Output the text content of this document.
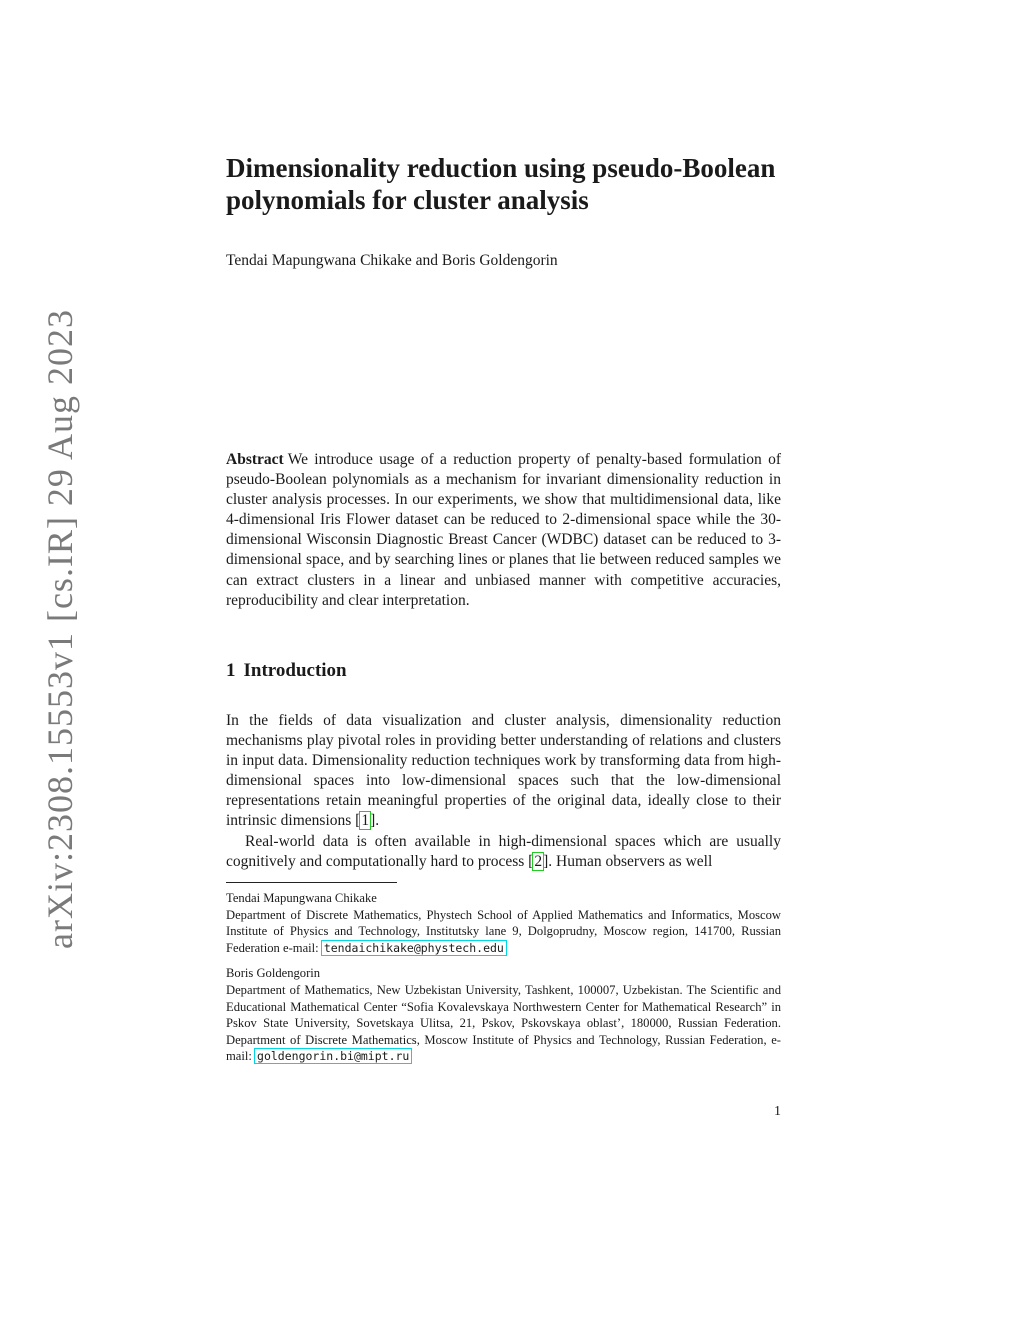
arXiv:2308.15553v1 [cs.IR] 29 Aug 2023
Dimensionality reduction using pseudo-Boolean polynomials for cluster analysis
Tendai Mapungwana Chikake and Boris Goldengorin

Abstract We introduce usage of a reduction property of penalty-based formulation of pseudo-Boolean polynomials as a mechanism for invariant dimensionality reduction in cluster analysis processes. In our experiments, we show that multidimensional data, like 4-dimensional Iris Flower dataset can be reduced to 2-dimensional space while the 30-dimensional Wisconsin Diagnostic Breast Cancer (WDBC) dataset can be reduced to 3-dimensional space, and by searching lines or planes that lie between reduced samples we can extract clusters in a linear and unbiased manner with competitive accuracies, reproducibility and clear interpretation.

1 Introduction

In the fields of data visualization and cluster analysis, dimensionality reduction mechanisms play pivotal roles in providing better understanding of relations and clusters in input data. Dimensionality reduction techniques work by transforming data from high-dimensional spaces into low-dimensional spaces such that the low-dimensional representations retain meaningful properties of the original data, ideally close to their intrinsic dimensions [1].

Real-world data is often available in high-dimensional spaces which are usually cognitively and computationally hard to process [2]. Human observers as well

Tendai Mapungwana Chikake

Department of Discrete Mathematics, Phystech School of Applied Mathematics and Informatics, Moscow Institute of Physics and Technology, Institutsky lane 9, Dolgoprudny, Moscow region, 141700, Russian Federation e-mail: tendaichikake@phystech.edu

Boris Goldengorin

Department of Mathematics, New Uzbekistan University, Tashkent, 100007, Uzbekistan. The Scientific and Educational Mathematical Center “Sofia Kovalevskaya Northwestern Center for Mathematical Research” in Pskov State University, Sovetskaya Ulitsa, 21, Pskov, Pskovskaya oblast’, 180000, Russian Federation. Department of Discrete Mathematics, Moscow Institute of Physics and Technology, Russian Federation, e-mail: goldengorin.bi@mipt.ru

1
